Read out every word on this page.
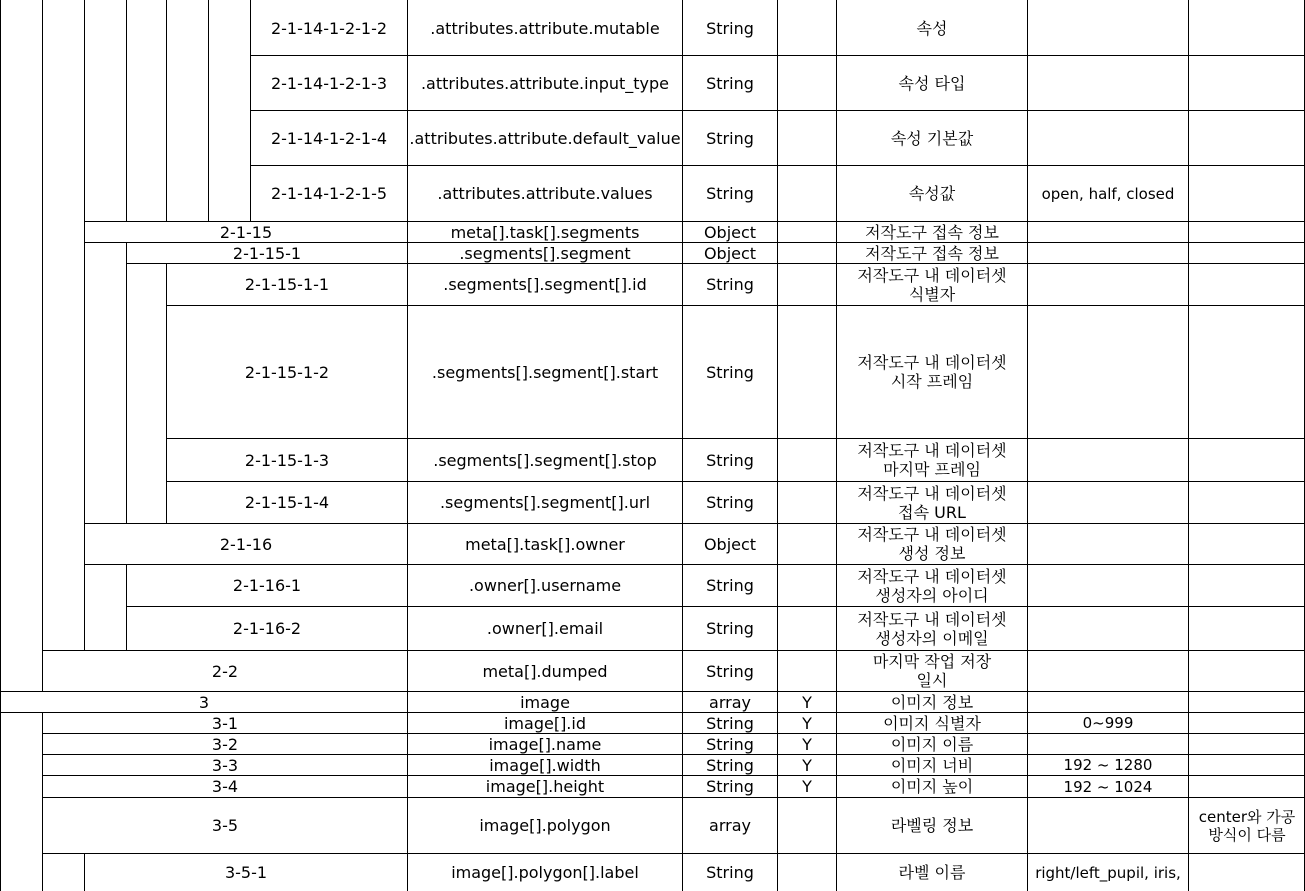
2-1-14-1-2-1-2	.attributes.attribute.mutable	String	속성
2-1-14-1-2-1-3	.attributes.attribute.input_type	String	속성 타입
2-1-14-1-2-1-4	.attributes.attribute.default_value	String	속성 기본값
2-1-14-1-2-1-5	.attributes.attribute.values	String	속성값	open, half, closed
2-1-15	meta[].task[].segments	Object	저작도구 접속 정보
2-1-15-1	.segments[].segment	Object	저작도구 접속 정보
2-1-15-1-1	.segments[].segment[].id	String	저작도구 내 데이터셋
식별자
2-1-15-1-2	.segments[].segment[].start	String	저작도구 내 데이터셋
시작 프레임
2-1-15-1-3	.segments[].segment[].stop	String	저작도구 내 데이터셋
마지막 프레임
2-1-15-1-4	.segments[].segment[].url	String	저작도구 내 데이터셋
접속 URL
2-1-16	meta[].task[].owner	Object	저작도구 내 데이터셋
생성 정보
2-1-16-1	.owner[].username	String	저작도구 내 데이터셋
생성자의 아이디
2-1-16-2	.owner[].email	String	저작도구 내 데이터셋
생성자의 이메일
2-2	meta[].dumped	String	마지막 작업 저장
일시
3	image	array	Y	이미지 정보
3-1	image[].id	String	Y	이미지 식별자	0~999
3-2	image[].name	String	Y	이미지 이름
3-3	image[].width	String	Y	이미지 너비	192 ~ 1280
3-4	image[].height	String	Y	이미지 높이	192 ~ 1024
3-5	image[].polygon	array	라벨링 정보	center와 가공
방식이 다름
3-5-1	image[].polygon[].label	String	라벨 이름	right/left_pupil, iris,
